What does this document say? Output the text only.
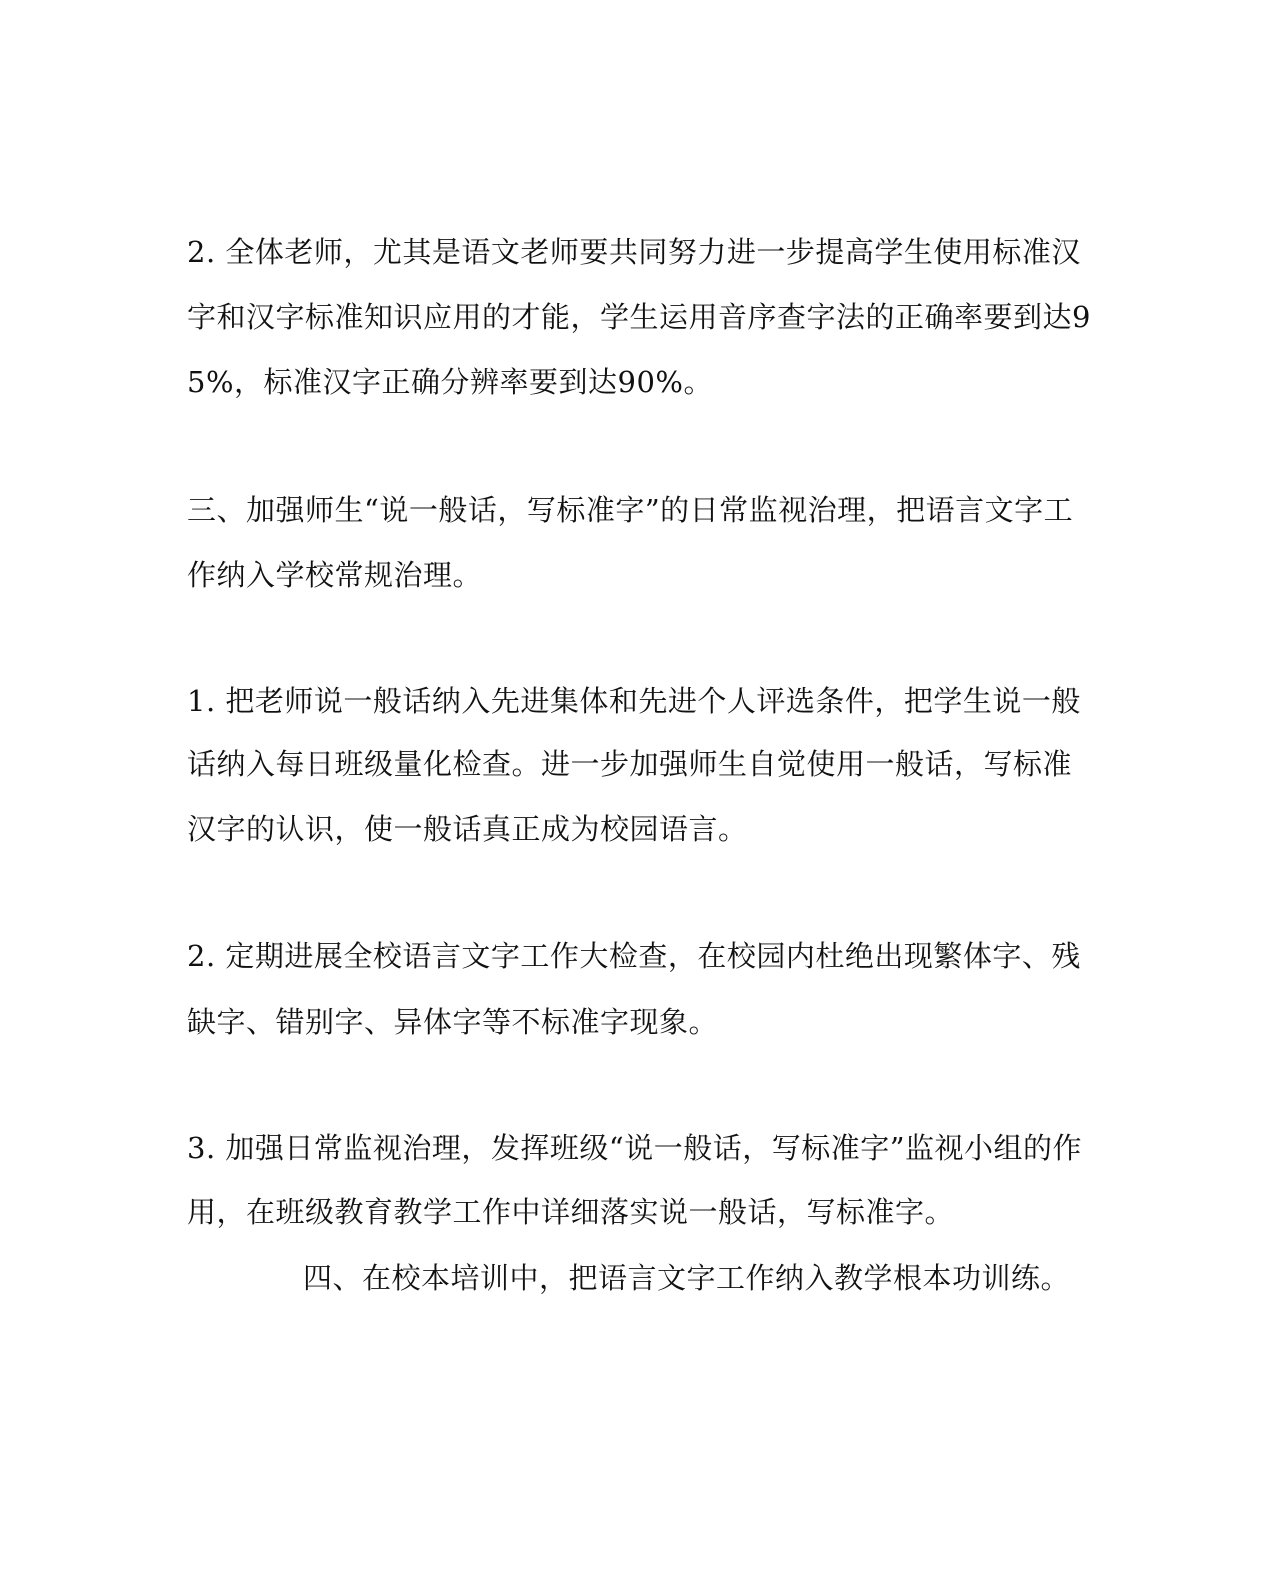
2. 全体老师，尤其是语文老师要共同努力进一步提高学生使用标准汉
字和汉字标准知识应用的才能，学生运用音序查字法的正确率要到达9
5%，标准汉字正确分辨率要到达90%。
三、加强师生“说一般话，写标准字”的日常监视治理，把语言文字工
作纳入学校常规治理。
1. 把老师说一般话纳入先进集体和先进个人评选条件，把学生说一般
话纳入每日班级量化检查。进一步加强师生自觉使用一般话，写标准
汉字的认识，使一般话真正成为校园语言。
2. 定期进展全校语言文字工作大检查，在校园内杜绝出现繁体字、残
缺字、错别字、异体字等不标准字现象。
3. 加强日常监视治理，发挥班级“说一般话，写标准字”监视小组的作
用，在班级教育教学工作中详细落实说一般话，写标准字。
四、在校本培训中，把语言文字工作纳入教学根本功训练。
